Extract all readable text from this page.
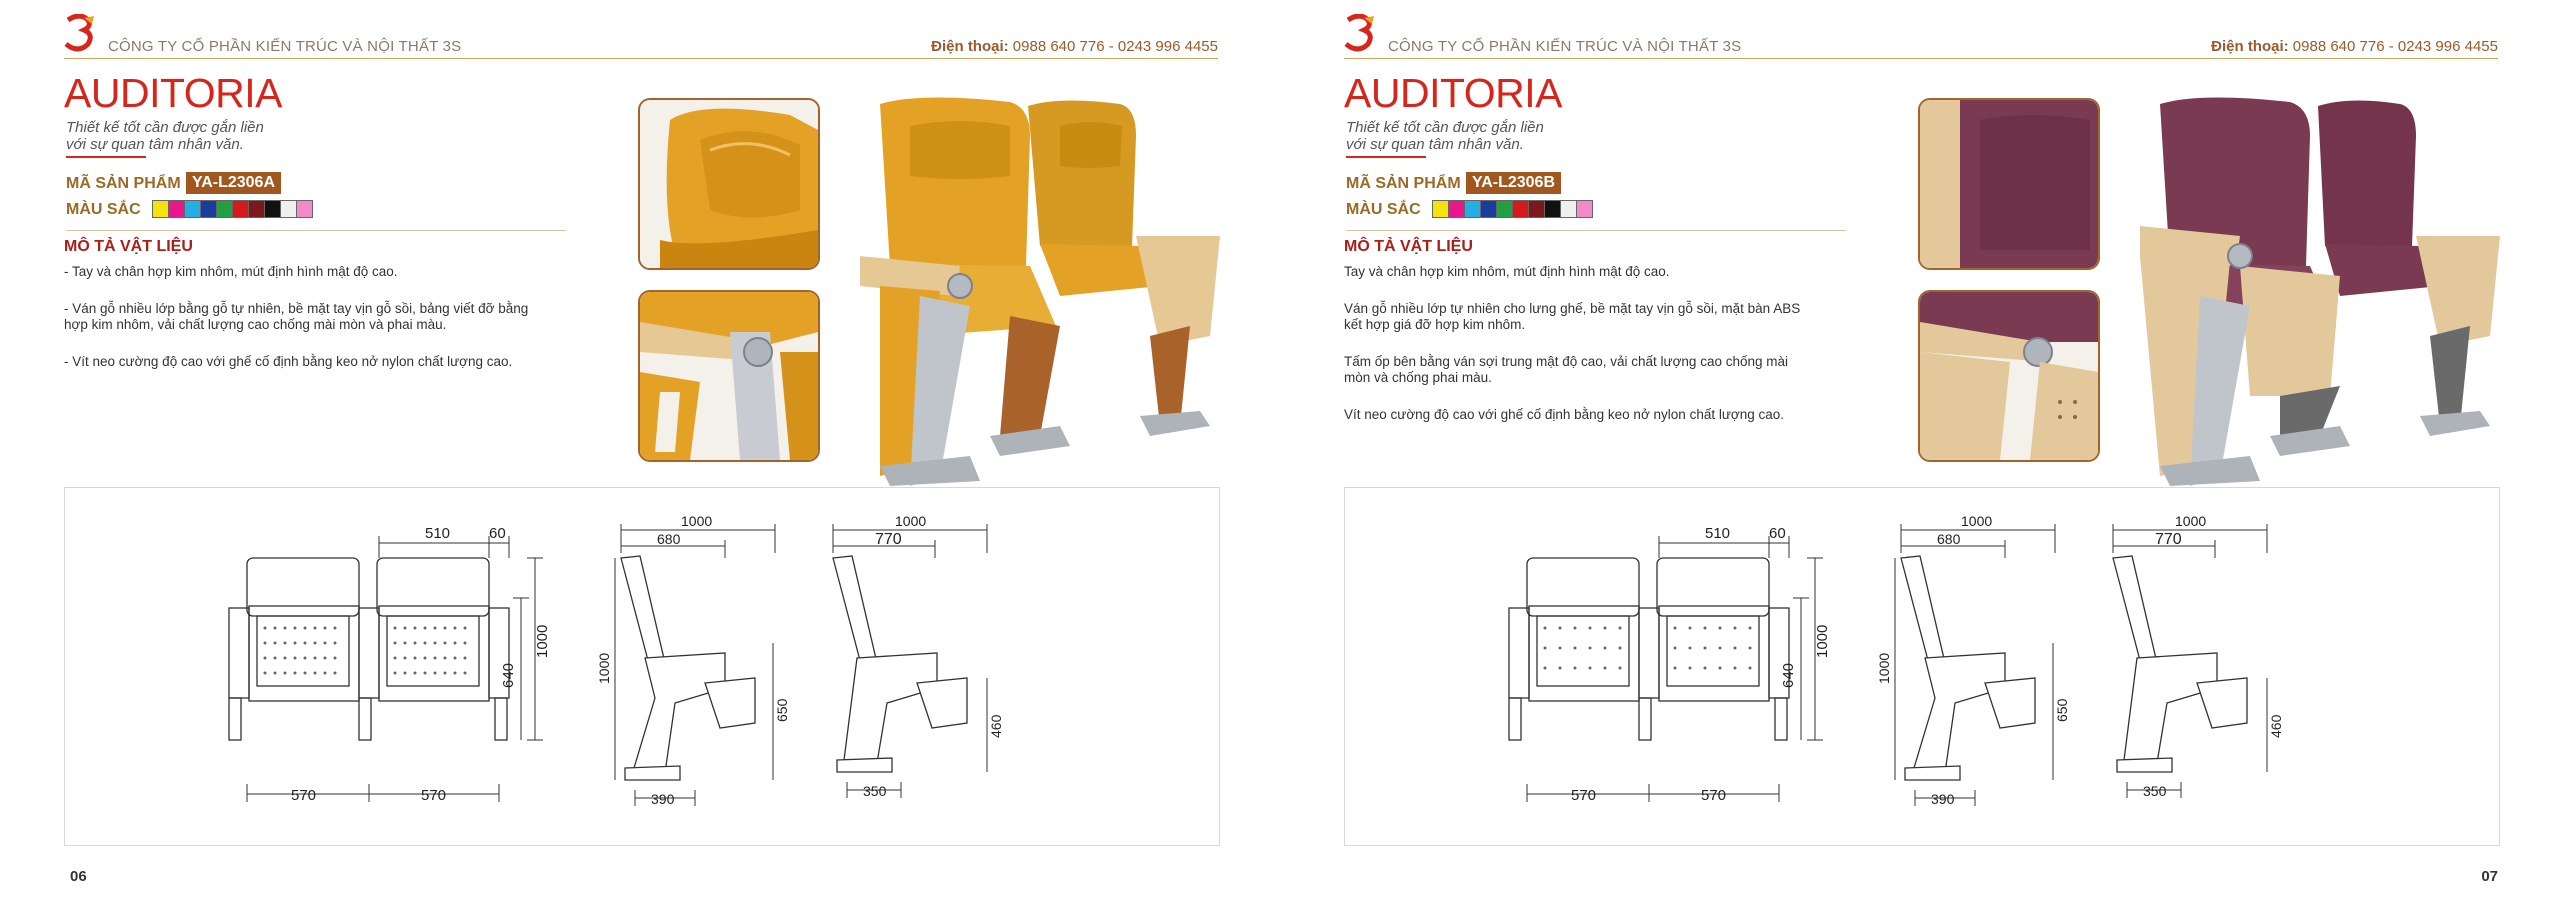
CÔNG TY CỔ PHẦN KIẾN TRÚC VÀ NỘI THẤT 3S	Điện thoại: 0988 640 776 - 0243 996 4455
AUDITORIA
Thiết kế tốt cần được gắn liền
với sự quan tâm nhân văn.
MÃ SẢN PHẨM YA-L2306A
MÀU SẮC
MÔ TẢ VẬT LIỆU

- Tay và chân hợp kim nhôm, mút định hình mật độ cao.

- Ván gỗ nhiều lớp bằng gỗ tự nhiên, bề mặt tay vịn gỗ sồi, bảng viết đỡ bằng hợp kim nhôm, vải chất lượng cao chống mài mòn và phai màu.

- Vít neo cường độ cao với ghế cố định bằng keo nở nylon chất lượng cao.

510	60
1000
640
570	570
1000
680
1000
650
390
1000
770
460
350
06
CÔNG TY CỔ PHẦN KIẾN TRÚC VÀ NỘI THẤT 3S	Điện thoại: 0988 640 776 - 0243 996 4455
AUDITORIA
Thiết kế tốt cần được gắn liền
với sự quan tâm nhân văn.
MÃ SẢN PHẨM YA-L2306B
MÀU SẮC
MÔ TẢ VẬT LIỆU

Tay và chân hợp kim nhôm, mút định hình mật độ cao.

Ván gỗ nhiều lớp tự nhiên cho lưng ghế, bề mặt tay vịn gỗ sồi, mặt bàn ABS kết hợp giá đỡ hợp kim nhôm.

Tấm ốp bên bằng ván sợi trung mật độ cao, vải chất lượng cao chống mài mòn và chống phai màu.

Vít neo cường độ cao với ghế cố định bằng keo nở nylon chất lượng cao.

510	60
1000
640
570	570
1000
680
1000
650
390
1000
770
460
350
07
